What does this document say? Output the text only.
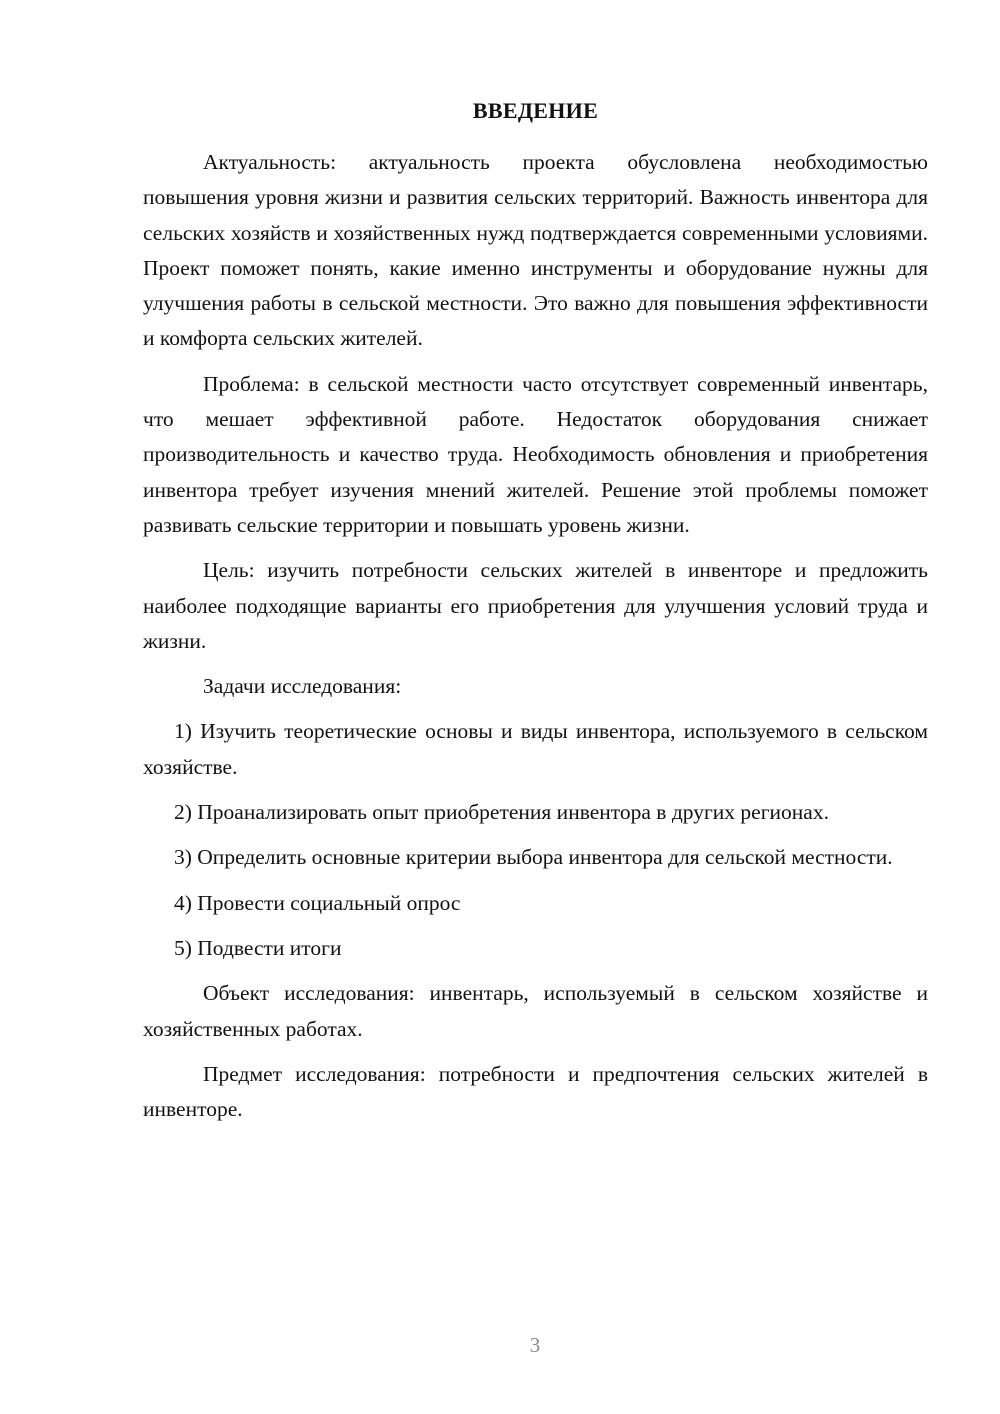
ВВЕДЕНИЕ

Актуальность: актуальность проекта обусловлена необходимостью повышения уровня жизни и развития сельских территорий. Важность инвентора для сельских хозяйств и хозяйственных нужд подтверждается современными условиями. Проект поможет понять, какие именно инструменты и оборудование нужны для улучшения работы в сельской местности. Это важно для повышения эффективности и комфорта сельских жителей.

Проблема: в сельской местности часто отсутствует современный инвентарь, что мешает эффективной работе. Недостаток оборудования снижает производительность и качество труда. Необходимость обновления и приобретения инвентора требует изучения мнений жителей. Решение этой проблемы поможет развивать сельские территории и повышать уровень жизни.

Цель: изучить потребности сельских жителей в инвенторе и предложить наиболее подходящие варианты его приобретения для улучшения условий труда и жизни.

Задачи исследования:

1) Изучить теоретические основы и виды инвентора, используемого в сельском хозяйстве.

2) Проанализировать опыт приобретения инвентора в других регионах.

3) Определить основные критерии выбора инвентора для сельской местности.

4) Провести социальный опрос

5) Подвести итоги

Объект исследования: инвентарь, используемый в сельском хозяйстве и хозяйственных работах.

Предмет исследования: потребности и предпочтения сельских жителей в инвенторе.

3
